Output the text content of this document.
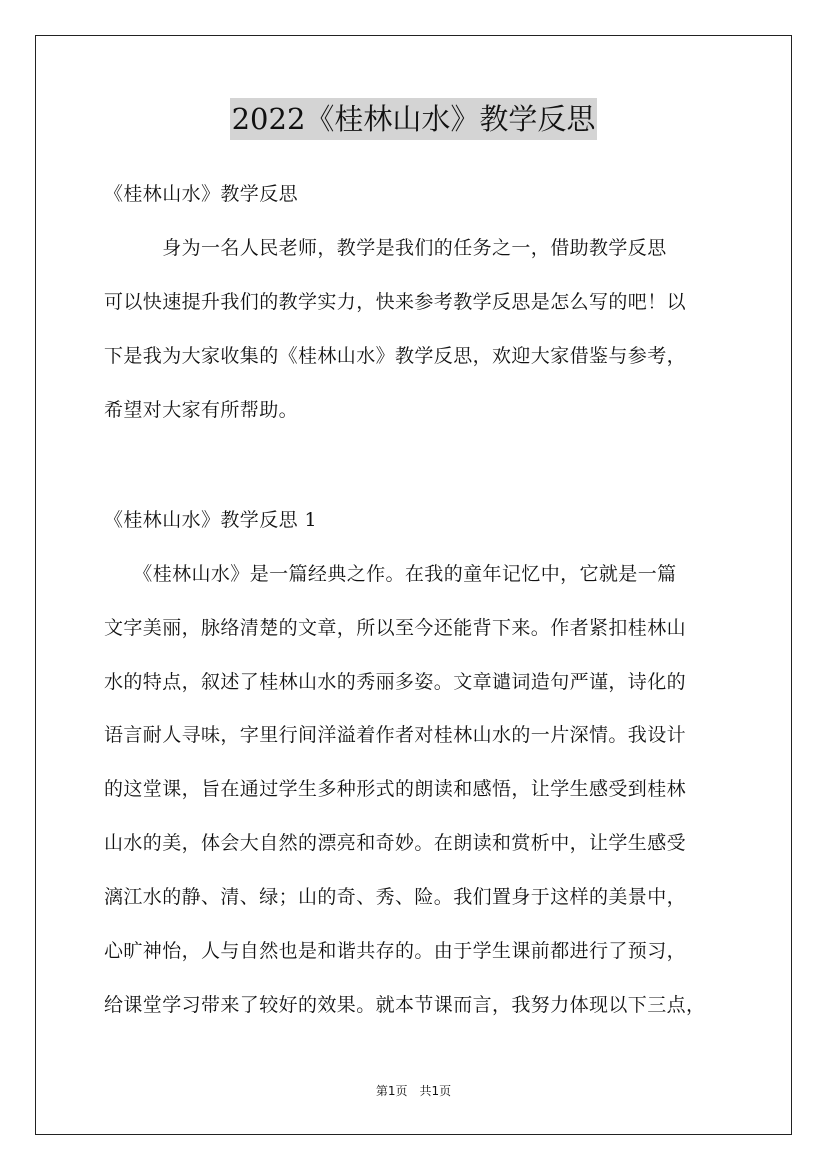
2022《桂林山水》教学反思
《桂林山水》教学反思
　　　身为一名人民老师，教学是我们的任务之一，借助教学反思
可以快速提升我们的教学实力，快来参考教学反思是怎么写的吧！以
下是我为大家收集的《桂林山水》教学反思，欢迎大家借鉴与参考，
希望对大家有所帮助。
《桂林山水》教学反思 1
　　《桂林山水》是一篇经典之作。在我的童年记忆中，它就是一篇
文字美丽，脉络清楚的文章，所以至今还能背下来。作者紧扣桂林山
水的特点，叙述了桂林山水的秀丽多姿。文章谴词造句严谨，诗化的
语言耐人寻味，字里行间洋溢着作者对桂林山水的一片深情。我设计
的这堂课，旨在通过学生多种形式的朗读和感悟，让学生感受到桂林
山水的美，体会大自然的漂亮和奇妙。在朗读和赏析中，让学生感受
漓江水的静、清、绿；山的奇、秀、险。我们置身于这样的美景中，
心旷神怡，人与自然也是和谐共存的。由于学生课前都进行了预习，
给课堂学习带来了较好的效果。就本节课而言，我努力体现以下三点，
第1页　共1页
